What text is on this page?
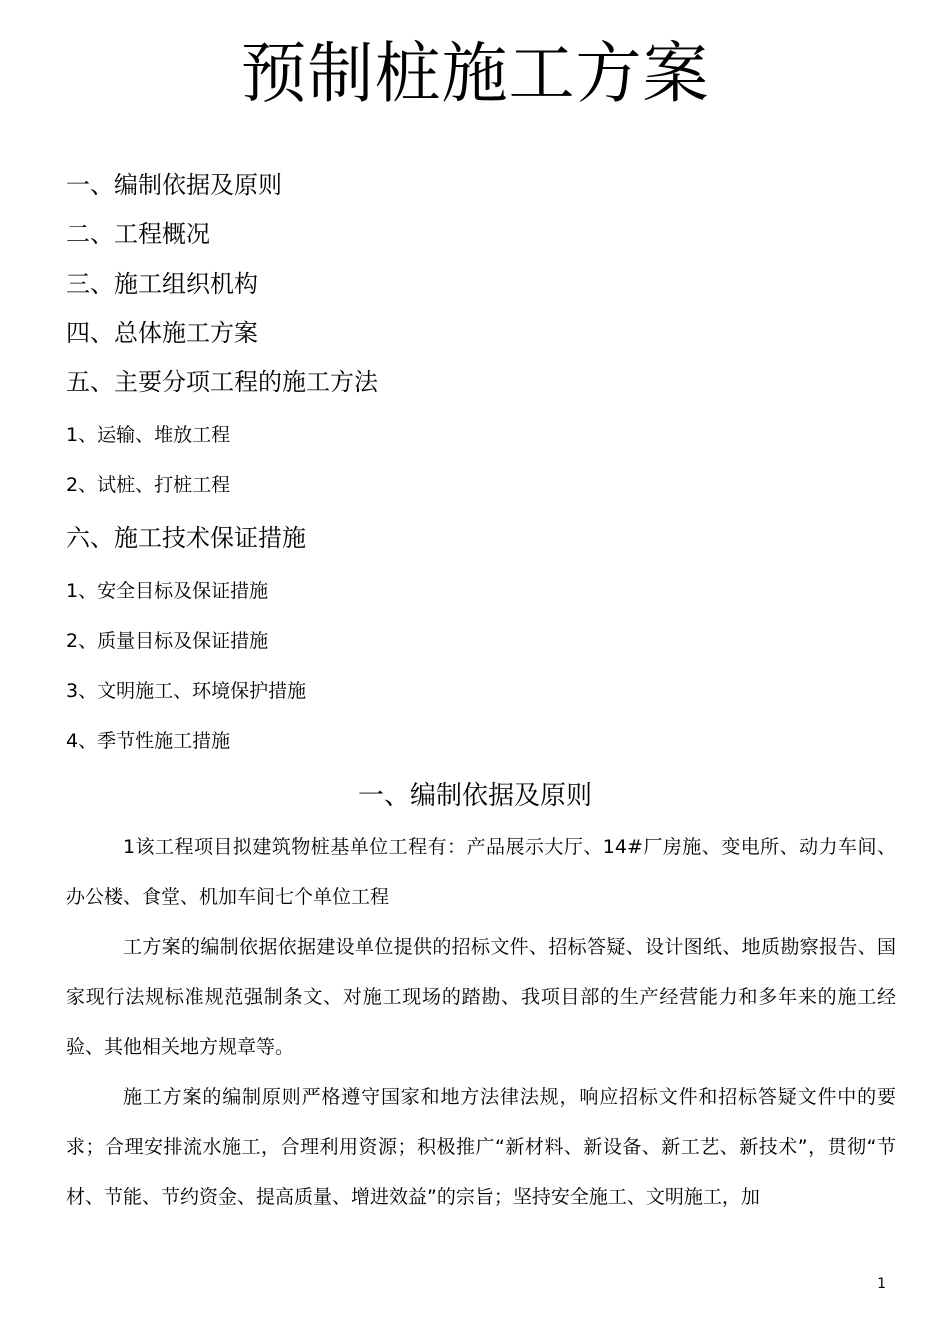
预制桩施工方案
一、编制依据及原则
二、工程概况
三、施工组织机构
四、总体施工方案
五、主要分项工程的施工方法
1、运输、堆放工程
2、试桩、打桩工程
六、施工技术保证措施
1、安全目标及保证措施
2、质量目标及保证措施
3、文明施工、环境保护措施
4、季节性施工措施
一、编制依据及原则

1该工程项目拟建筑物桩基单位工程有：产品展示大厅、14#厂房施、变电所、动力车间、办公楼、食堂、机加车间七个单位工程

工方案的编制依据依据建设单位提供的招标文件、招标答疑、设计图纸、地质勘察报告、国家现行法规标准规范强制条文、对施工现场的踏勘、我项目部的生产经营能力和多年来的施工经验、其他相关地方规章等。

施工方案的编制原则严格遵守国家和地方法律法规，响应招标文件和招标答疑文件中的要求；合理安排流水施工，合理利用资源；积极推广“新材料、新设备、新工艺、新技术”，贯彻“节材、节能、节约资金、提高质量、增进效益”的宗旨；坚持安全施工、文明施工，加

1
